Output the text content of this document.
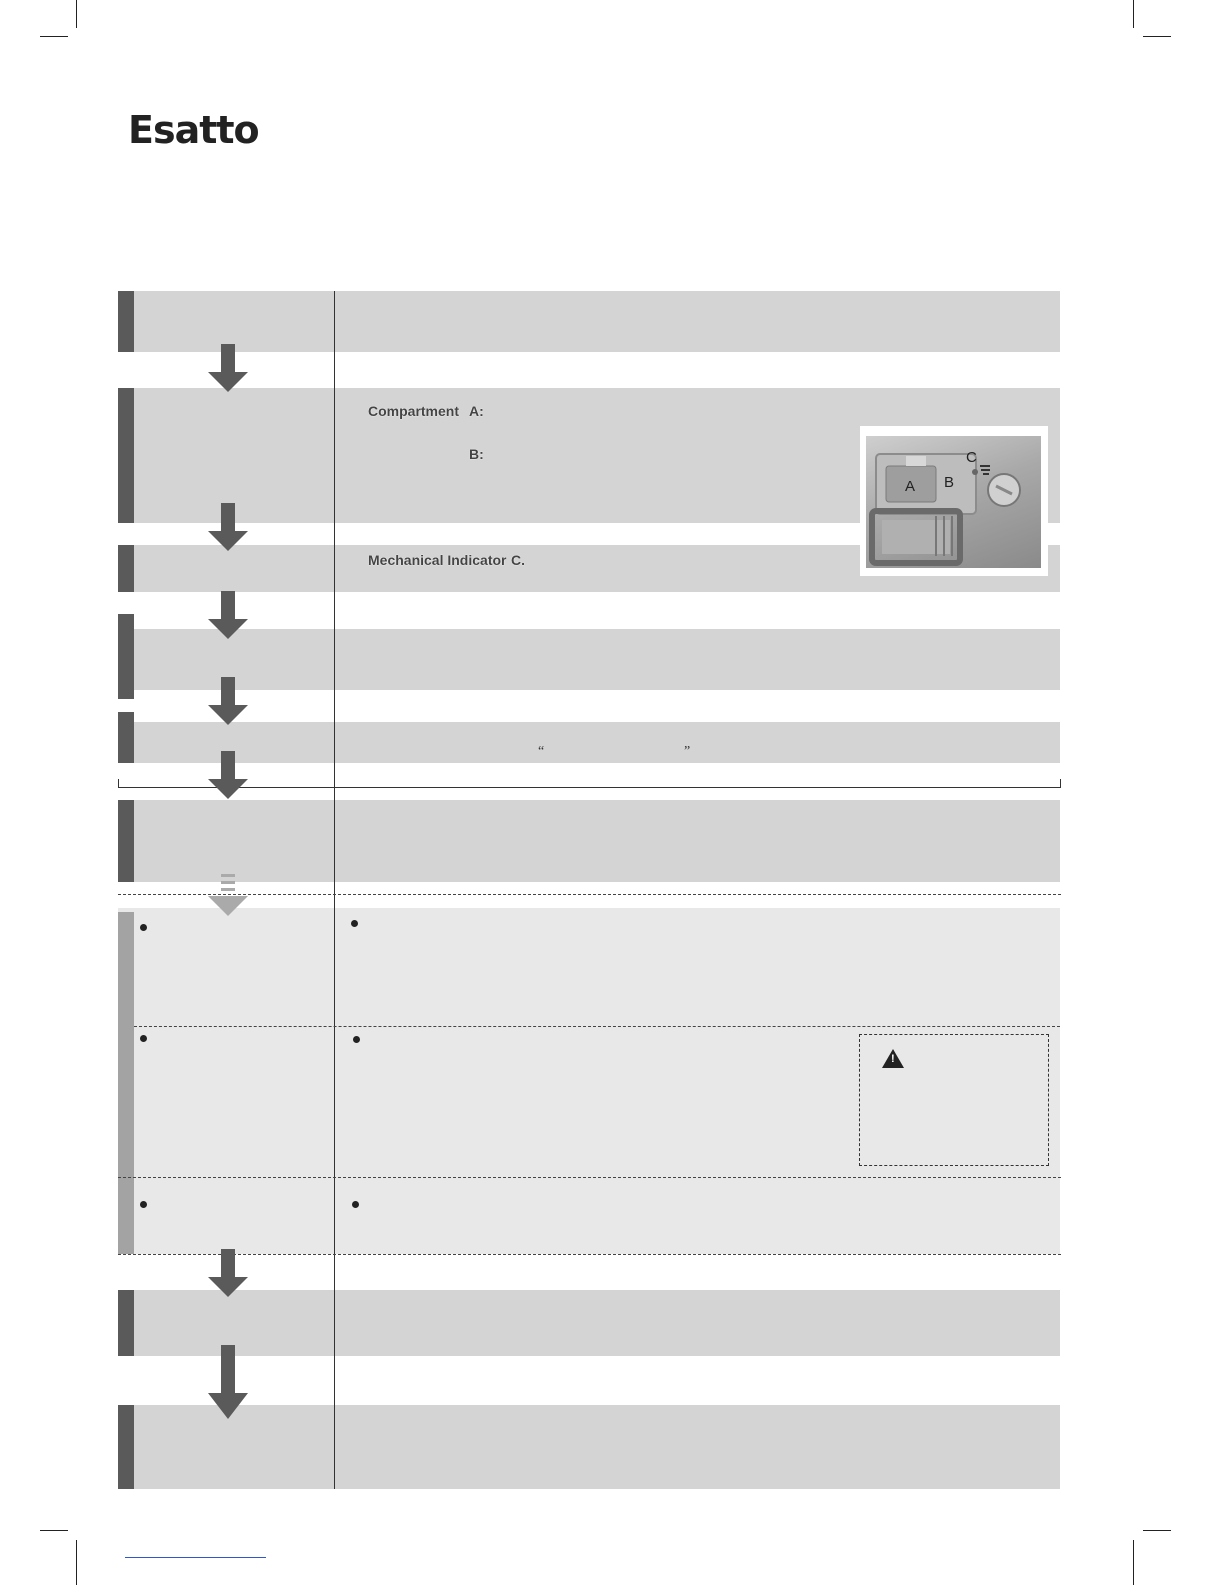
Esatto
Compartment A:
B:
Mechanical Indicator C.
“	”
A B
C
!
